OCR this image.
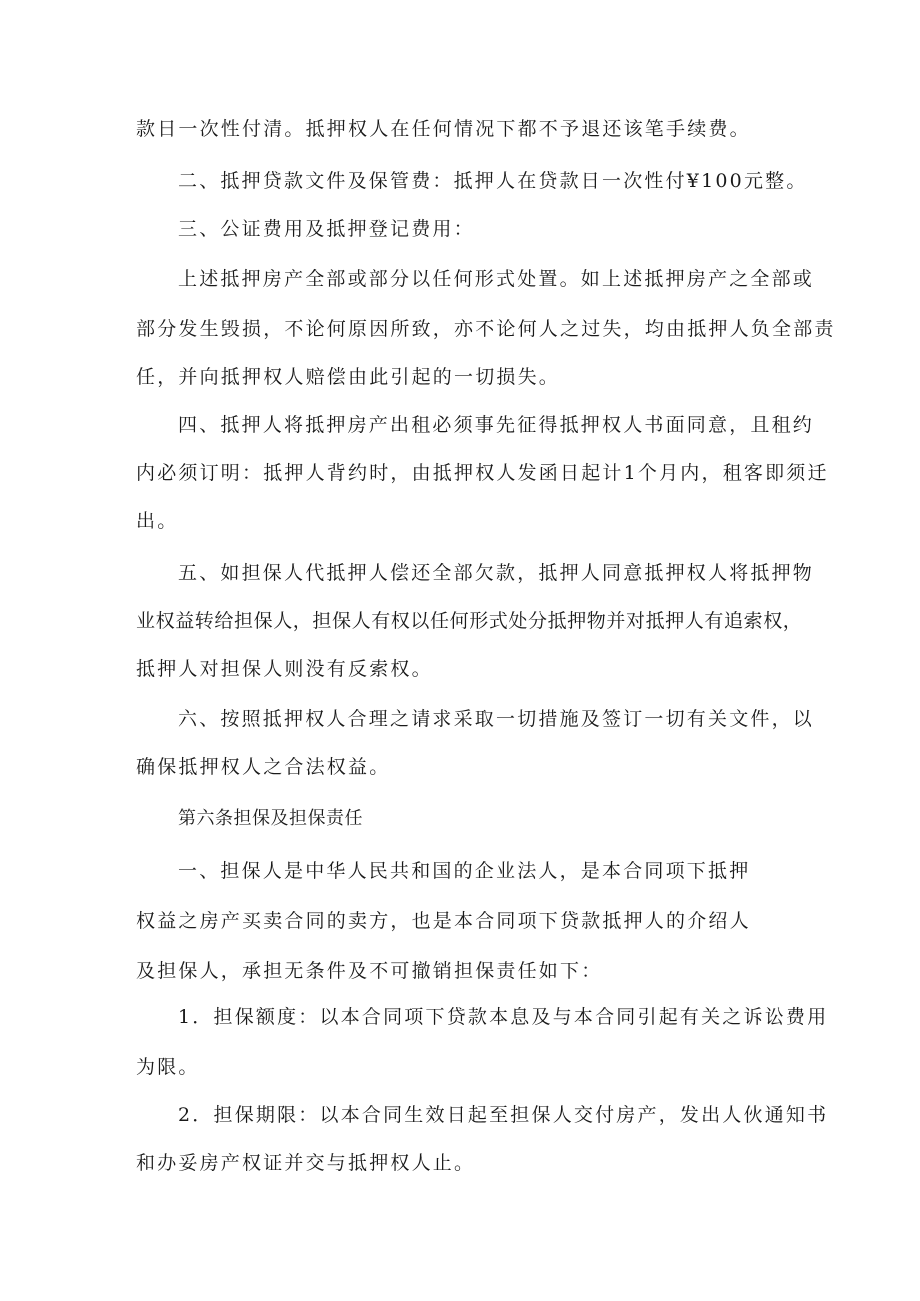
款日一次性付清。抵押权人在任何情况下都不予退还该笔手续费。

二、抵押贷款文件及保管费：抵押人在贷款日一次性付¥100元整。

三、公证费用及抵押登记费用：

上述抵押房产全部或部分以任何形式处置。如上述抵押房产之全部或

部分发生毁损，不论何原因所致，亦不论何人之过失，均由抵押人负全部责

任，并向抵押权人赔偿由此引起的一切损失。

四、抵押人将抵押房产出租必须事先征得抵押权人书面同意，且租约

内必须订明：抵押人背约时，由抵押权人发函日起计1个月内，租客即须迁

出。

五、如担保人代抵押人偿还全部欠款，抵押人同意抵押权人将抵押物

业权益转给担保人，担保人有权以任何形式处分抵押物并对抵押人有追索权，

抵押人对担保人则没有反索权。

六、按照抵押权人合理之请求采取一切措施及签订一切有关文件，以

确保抵押权人之合法权益。

第六条担保及担保责任

一、担保人是中华人民共和国的企业法人，是本合同项下抵押

权益之房产买卖合同的卖方，也是本合同项下贷款抵押人的介绍人

及担保人，承担无条件及不可撤销担保责任如下：

1．担保额度：以本合同项下贷款本息及与本合同引起有关之诉讼费用

为限。

2．担保期限：以本合同生效日起至担保人交付房产，发出人伙通知书

和办妥房产权证并交与抵押权人止。
